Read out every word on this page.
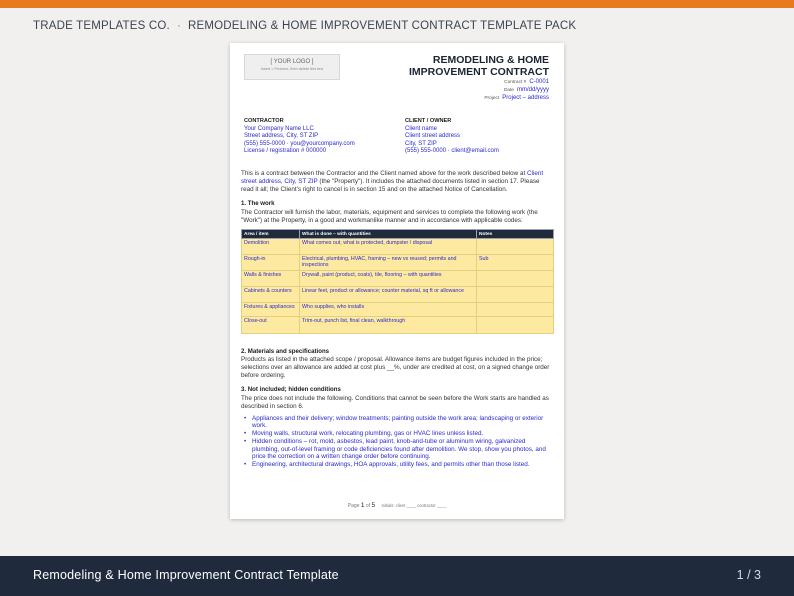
TRADE TEMPLATES CO. · REMODELING & HOME IMPROVEMENT CONTRACT TEMPLATE PACK
[ YOUR LOGO ]
Insert > Pictures, then delete this text
REMODELING & HOME
IMPROVEMENT CONTRACT
Contract # C-0001
Date mm/dd/yyyy
Project Project – address
CONTRACTOR
Your Company Name LLC
Street address, City, ST ZIP
(555) 555-0000 · you@yourcompany.com
License / registration # 000000
CLIENT / OWNER
Client name
Client street address
City, ST ZIP
(555) 555-0000 · client@email.com
This is a contract between the Contractor and the Client named above for the work described below at Client street address, City, ST ZIP (the "Property"). It includes the attached documents listed in section 17. Please read it all; the Client's right to cancel is in section 15 and on the attached Notice of Cancellation.
1. The work
The Contractor will furnish the labor, materials, equipment and services to complete the following work (the "Work") at the Property, in a good and workmanlike manner and in accordance with applicable codes:
Area / item	What is done – with quantities	Notes
Demolition	What comes out, what is protected, dumpster / disposal	
Rough-in	Electrical, plumbing, HVAC, framing – new vs reused; permits and inspections	Sub
Walls & finishes	Drywall, paint (product, coats), tile, flooring – with quantities	
Cabinets & counters	Linear feet, product or allowance; counter material, sq ft or allowance	
Fixtures & appliances	Who supplies, who installs	
Close-out	Trim-out, punch list, final clean, walkthrough	
2. Materials and specifications
Products as listed in the attached scope / proposal. Allowance items are budget figures included in the price; selections over an allowance are added at cost plus __%, under are credited at cost, on a signed change order before ordering.
3. Not included; hidden conditions
The price does not include the following. Conditions that cannot be seen before the Work starts are handled as described in section 6.
• Appliances and their delivery; window treatments; painting outside the work area; landscaping or exterior work.
• Moving walls, structural work, relocating plumbing, gas or HVAC lines unless listed.
• Hidden conditions – rot, mold, asbestos, lead paint, knob-and-tube or aluminum wiring, galvanized plumbing, out-of-level framing or code deficiencies found after demolition. We stop, show you photos, and price the correction on a written change order before continuing.
• Engineering, architectural drawings, HOA approvals, utility fees, and permits other than those listed.
Page 1 of 5 Initials: client ____ contractor ____
Remodeling & Home Improvement Contract Template	1 / 3
